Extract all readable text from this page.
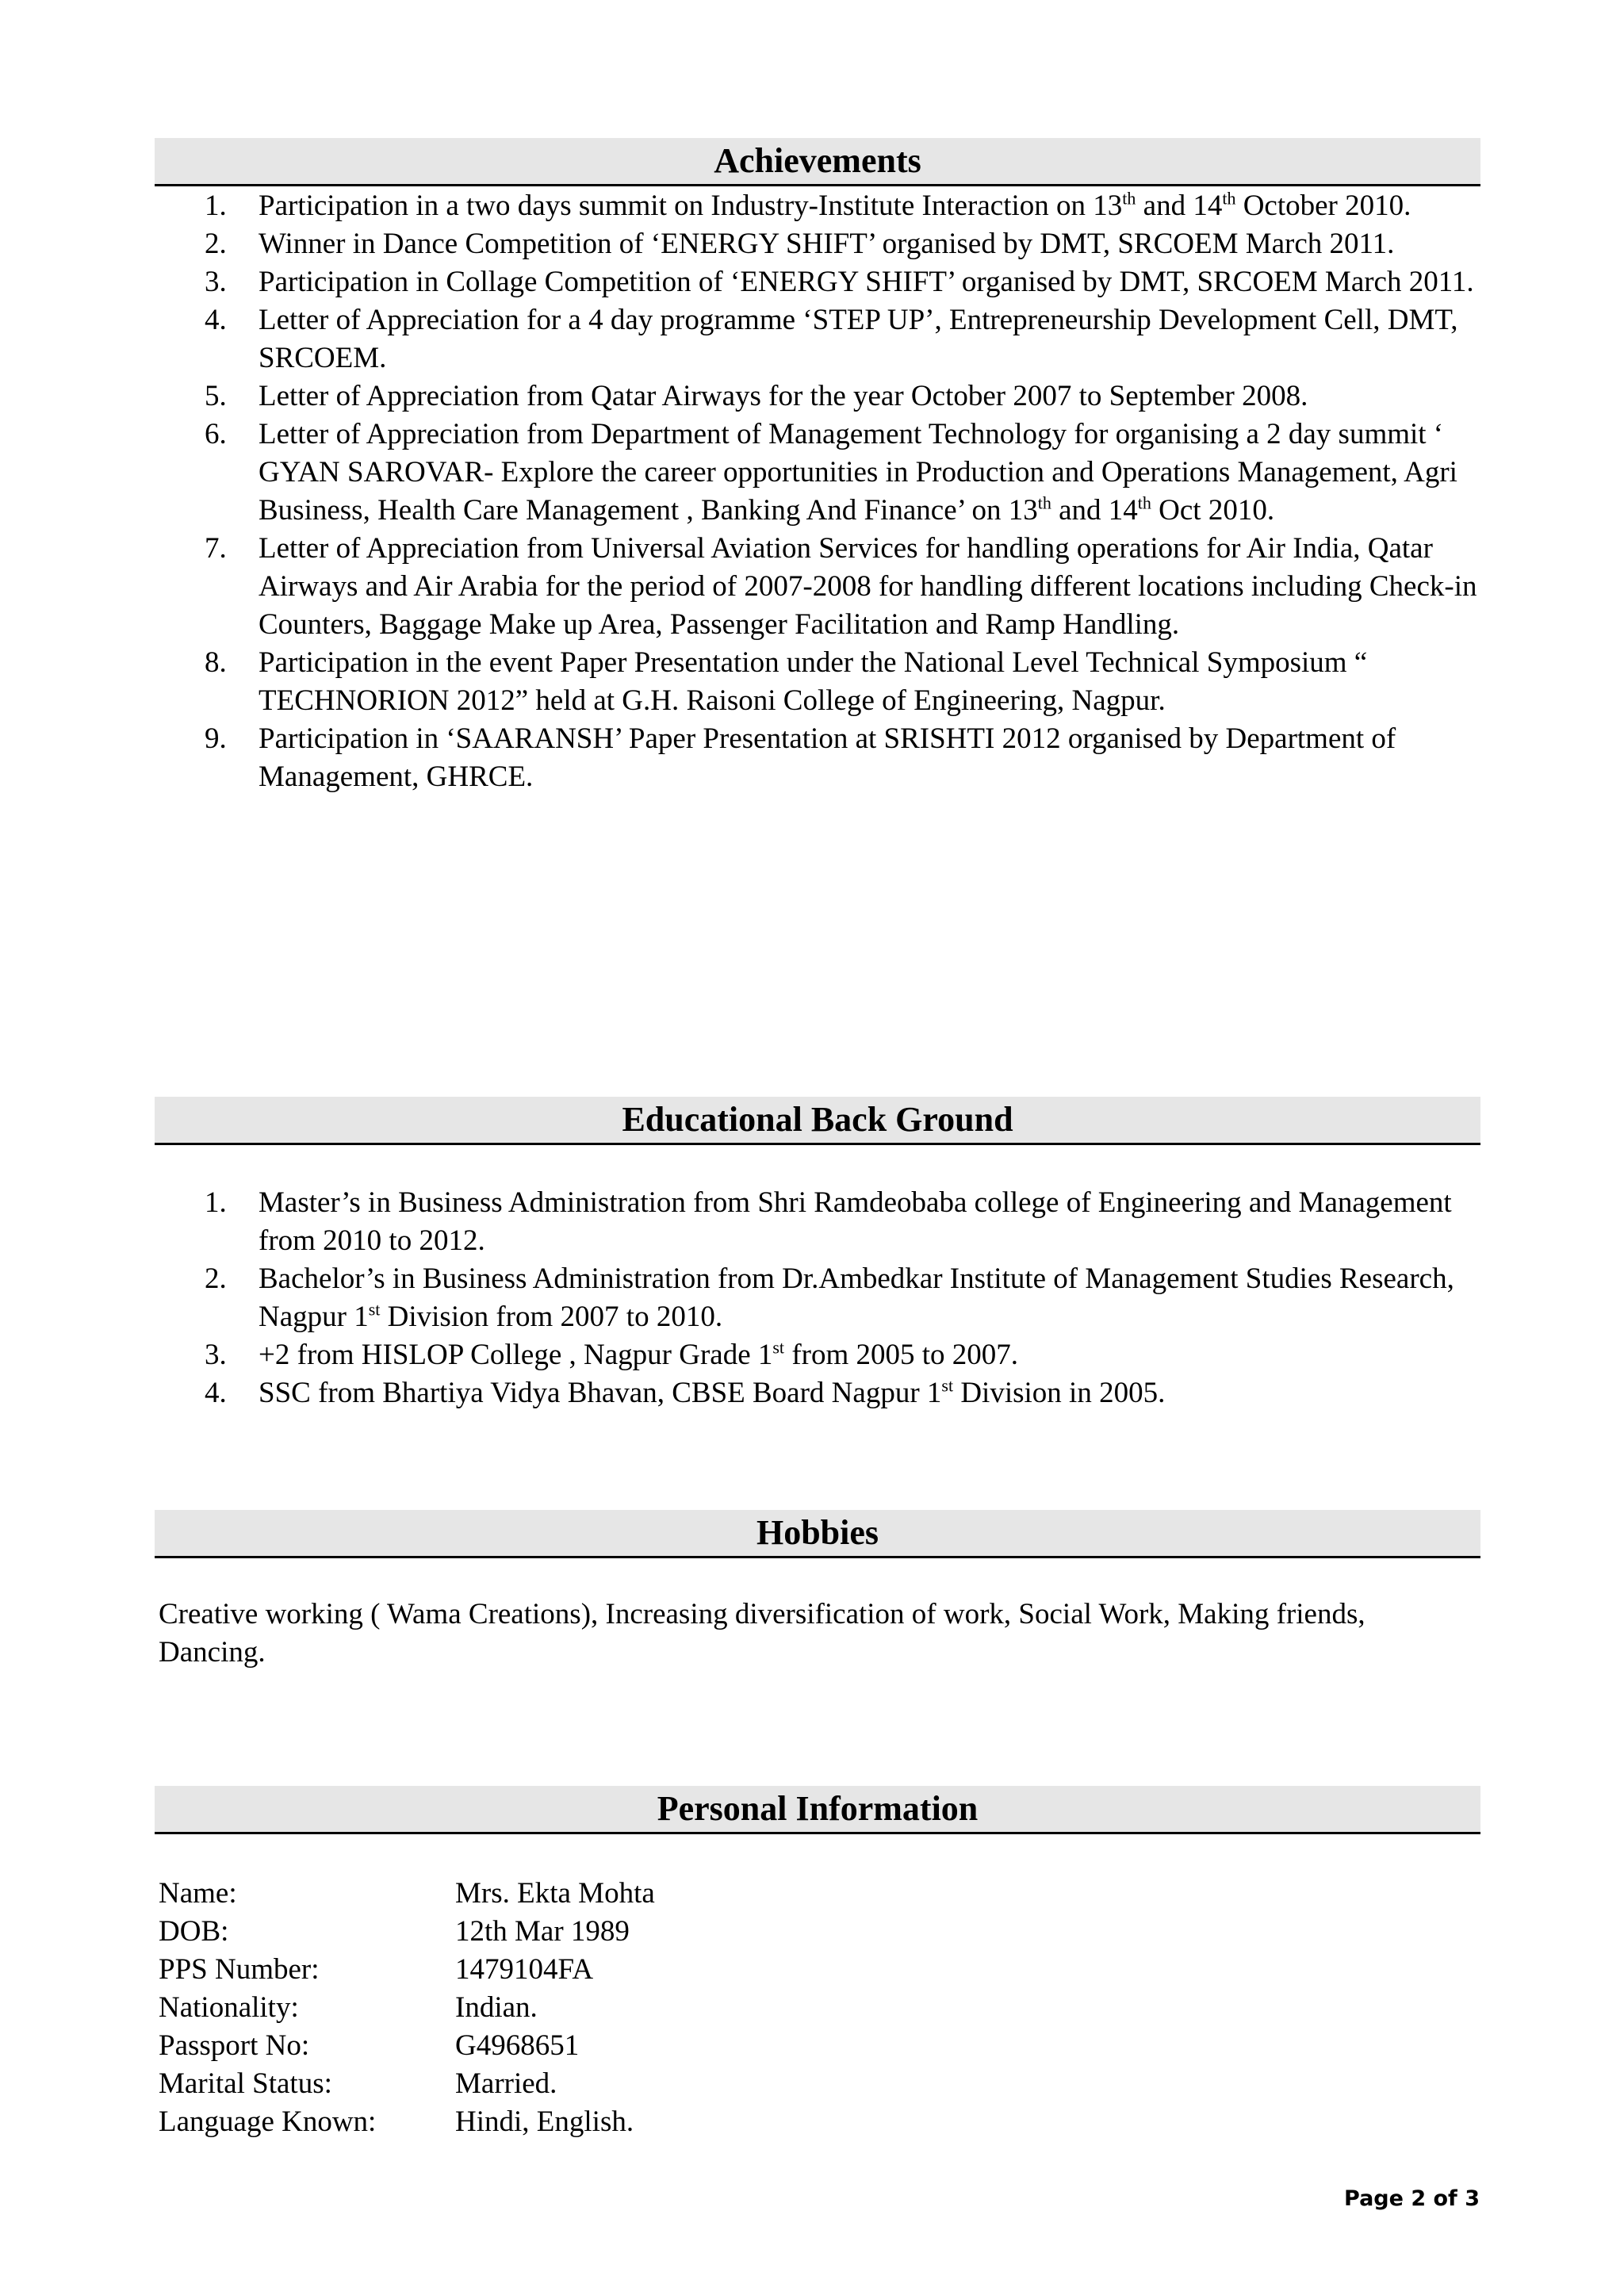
Achievements
1. Participation in a two days summit on Industry-Institute Interaction on 13th and 14th October 2010.
2. Winner in Dance Competition of ‘ENERGY SHIFT’ organised by DMT, SRCOEM March 2011.
3. Participation in Collage Competition of ‘ENERGY SHIFT’ organised by DMT, SRCOEM March 2011.
4. Letter of Appreciation for a 4 day programme ‘STEP UP’, Entrepreneurship Development Cell, DMT, SRCOEM.
5. Letter of Appreciation from Qatar Airways for the year October 2007 to September 2008.
6. Letter of Appreciation from Department of Management Technology for organising a 2 day summit ‘ GYAN SAROVAR- Explore the career opportunities in Production and Operations Management, Agri Business, Health Care Management , Banking And Finance’ on 13th and 14th Oct 2010.
7. Letter of Appreciation from Universal Aviation Services for handling operations for Air India, Qatar Airways and Air Arabia for the period of 2007-2008 for handling different locations including Check-in Counters, Baggage Make up Area, Passenger Facilitation and Ramp Handling.
8. Participation in the event Paper Presentation under the National Level Technical Symposium “ TECHNORION 2012” held at G.H. Raisoni College of Engineering, Nagpur.
9. Participation in ‘SAARANSH’ Paper Presentation at SRISHTI 2012 organised by Department of Management, GHRCE.
Educational Back Ground
1. Master’s in Business Administration from Shri Ramdeobaba college of Engineering and Management from 2010 to 2012.
2. Bachelor’s in Business Administration from Dr.Ambedkar Institute of Management Studies Research, Nagpur 1st Division from 2007 to 2010.
3. +2 from HISLOP College , Nagpur Grade 1st from 2005 to 2007.
4. SSC from Bhartiya Vidya Bhavan, CBSE Board Nagpur 1st Division in 2005.
Hobbies
Creative working ( Wama Creations), Increasing diversification of work, Social Work, Making friends, Dancing.
Personal Information
Name:	Mrs. Ekta Mohta
DOB:	12th Mar 1989
PPS Number:	1479104FA
Nationality:	Indian.
Passport No:	G4968651
Marital Status:	Married.
Language Known:	Hindi, English.
Page 2 of 3
